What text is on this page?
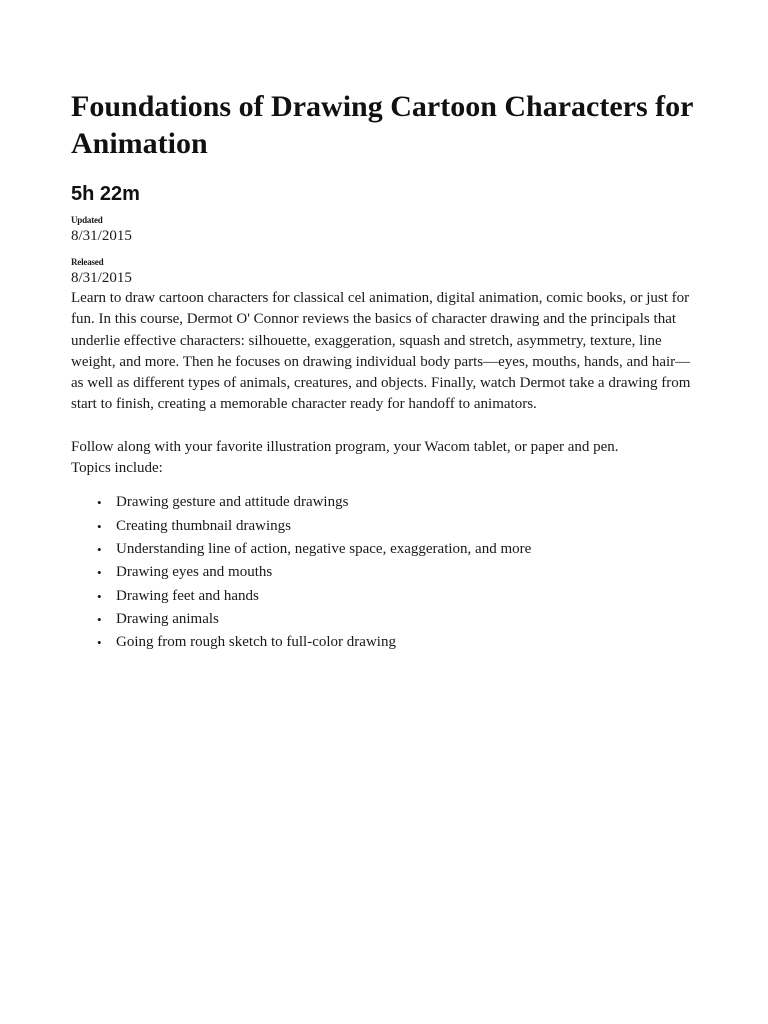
Foundations of Drawing Cartoon Characters for Animation
5h 22m
Updated
8/31/2015
Released
8/31/2015

Learn to draw cartoon characters for classical cel animation, digital animation, comic books, or just for fun. In this course, Dermot O' Connor reviews the basics of character drawing and the principals that underlie effective characters: silhouette, exaggeration, squash and stretch, asymmetry, texture, line weight, and more. Then he focuses on drawing individual body parts—eyes, mouths, hands, and hair—as well as different types of animals, creatures, and objects. Finally, watch Dermot take a drawing from start to finish, creating a memorable character ready for handoff to animators.

Follow along with your favorite illustration program, your Wacom tablet, or paper and pen.

Topics include:

• Drawing gesture and attitude drawings
• Creating thumbnail drawings
• Understanding line of action, negative space, exaggeration, and more
• Drawing eyes and mouths
• Drawing feet and hands
• Drawing animals
• Going from rough sketch to full-color drawing
